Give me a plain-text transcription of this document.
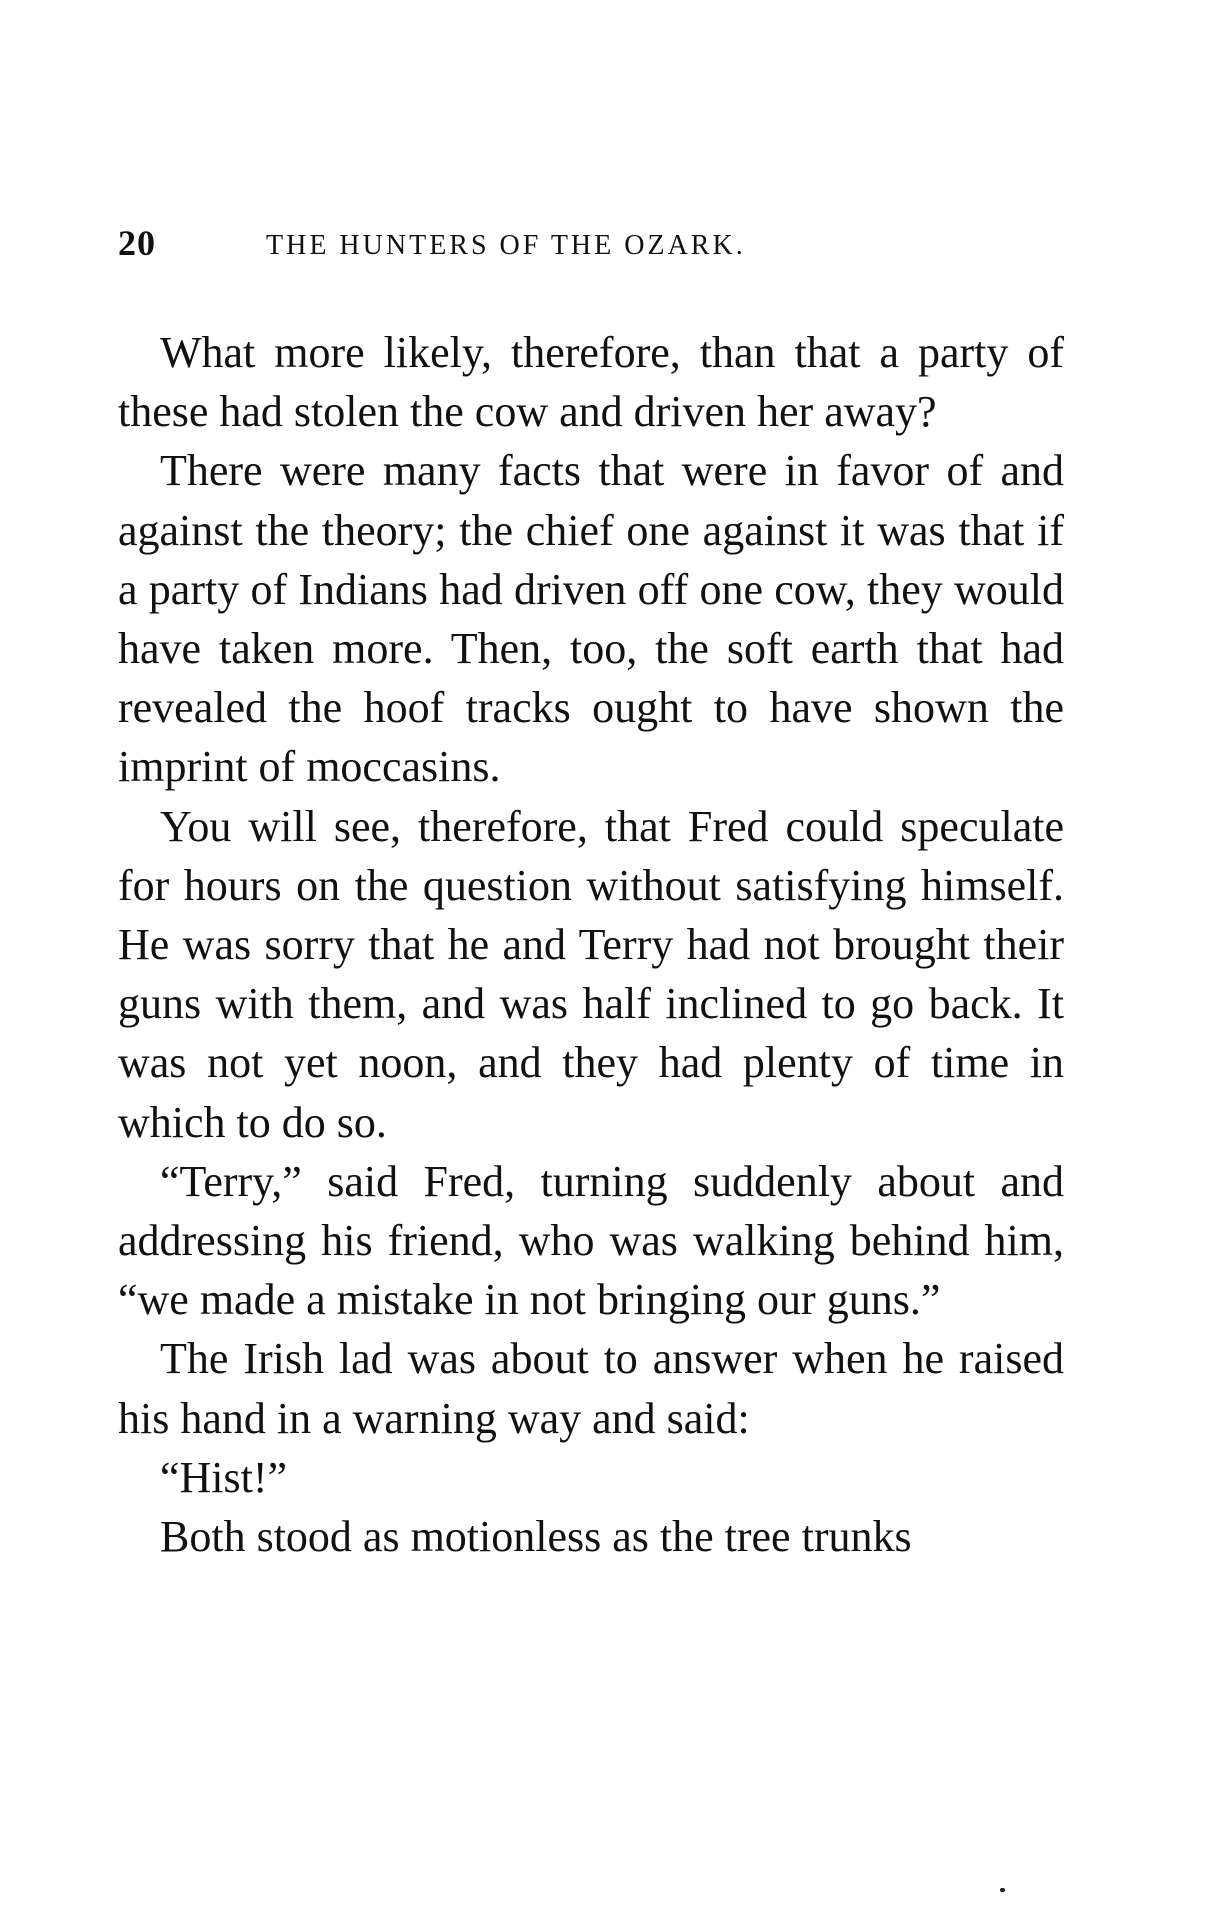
20	THE HUNTERS OF THE OZARK.

What more likely, therefore, than that a party of these had stolen the cow and driven her away?

There were many facts that were in favor of and against the theory; the chief one against it was that if a party of Indians had driven off one cow, they would have taken more. Then, too, the soft earth that had revealed the hoof tracks ought to have shown the imprint of moccasins.

You will see, therefore, that Fred could speculate for hours on the question without satisfying himself. He was sorry that he and Terry had not brought their guns with them, and was half inclined to go back. It was not yet noon, and they had plenty of time in which to do so.

“Terry,” said Fred, turning suddenly about and addressing his friend, who was walking behind him, “we made a mistake in not bringing our guns.”

The Irish lad was about to answer when he raised his hand in a warning way and said:

“Hist!”

Both stood as motionless as the tree trunks
